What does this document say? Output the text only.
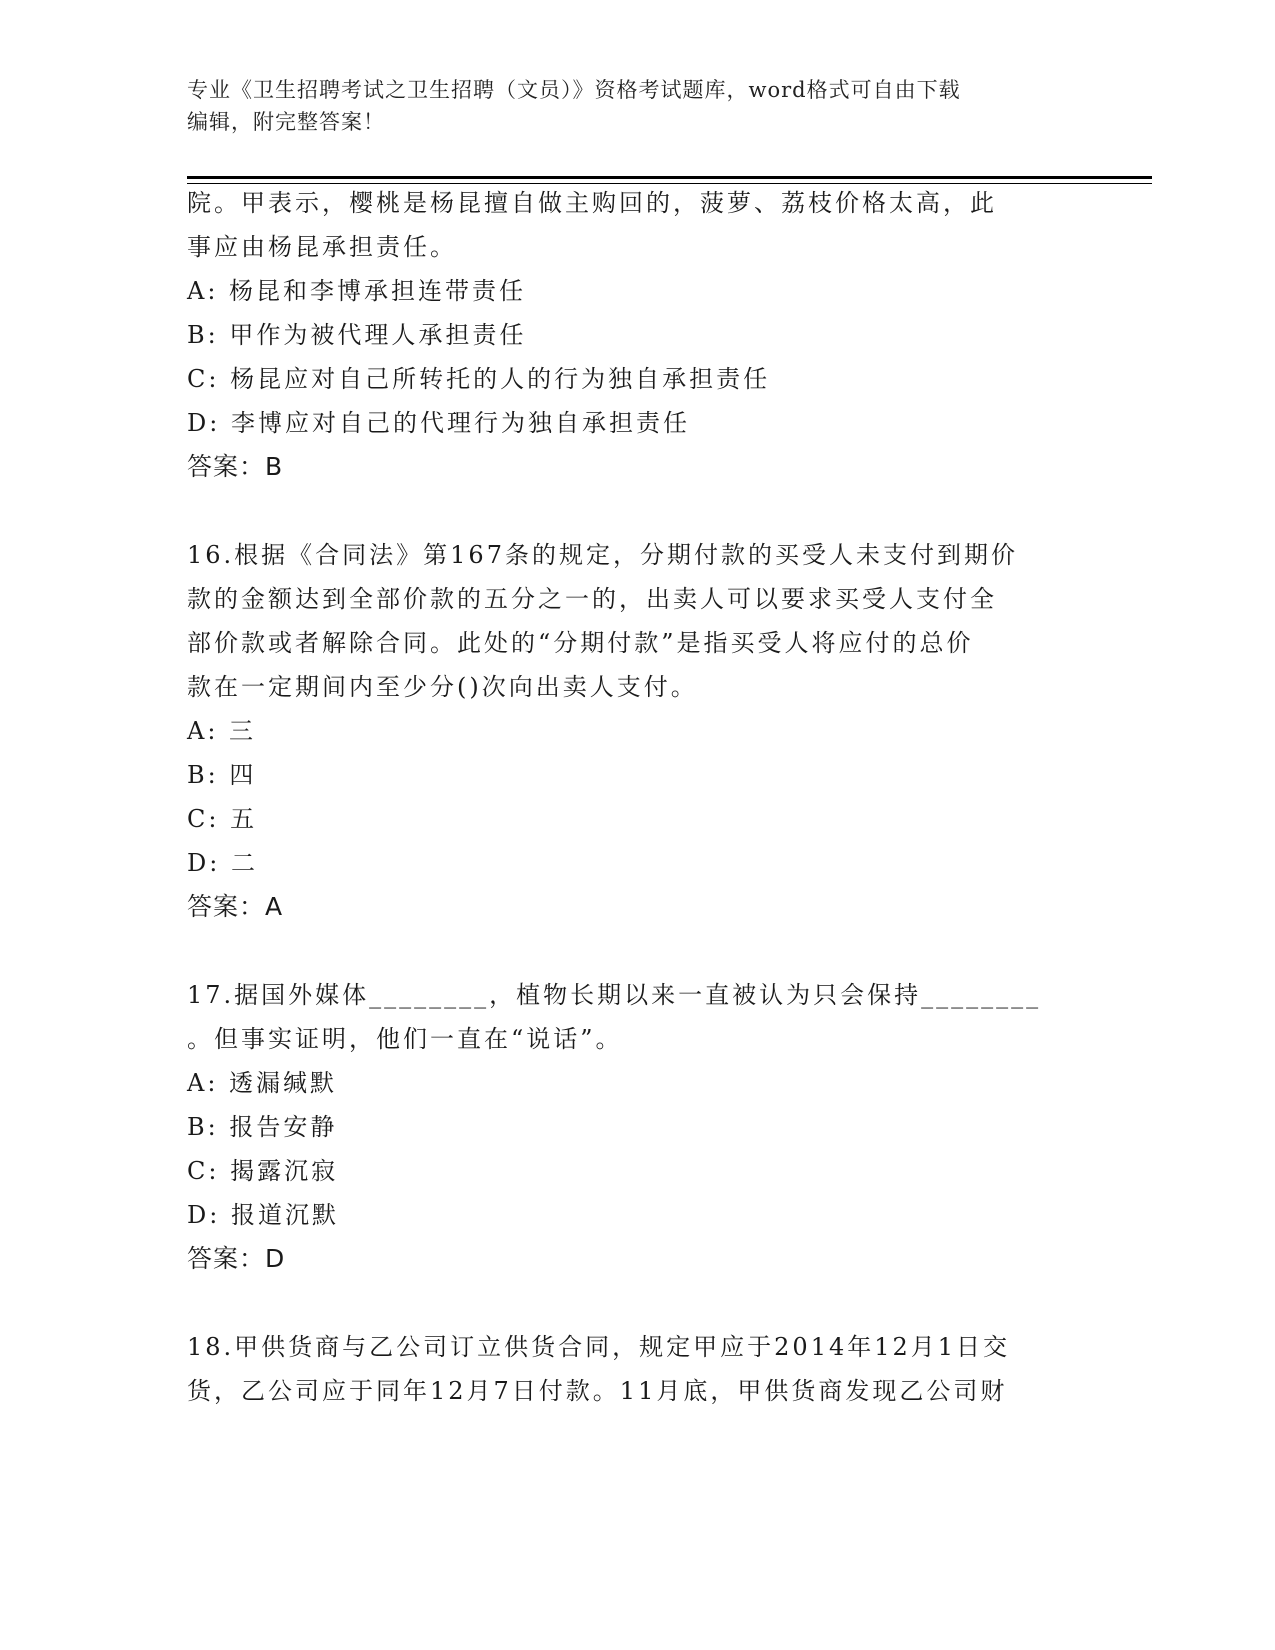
专业《卫生招聘考试之卫生招聘（文员）》资格考试题库，word格式可自由下载
编辑，附完整答案！
院。甲表示，樱桃是杨昆擅自做主购回的，菠萝、荔枝价格太高，此
事应由杨昆承担责任。
A: 杨昆和李博承担连带责任
B: 甲作为被代理人承担责任
C: 杨昆应对自己所转托的人的行为独自承担责任
D: 李博应对自己的代理行为独自承担责任
答案：B
16.根据《合同法》第167条的规定，分期付款的买受人未支付到期价
款的金额达到全部价款的五分之一的，出卖人可以要求买受人支付全
部价款或者解除合同。此处的“分期付款”是指买受人将应付的总价
款在一定期间内至少分()次向出卖人支付。
A: 三
B: 四
C: 五
D: 二
答案：A
17.据国外媒体________，植物长期以来一直被认为只会保持________
。但事实证明，他们一直在“说话”。
A: 透漏缄默
B: 报告安静
C: 揭露沉寂
D: 报道沉默
答案：D
18.甲供货商与乙公司订立供货合同，规定甲应于2014年12月1日交
货，乙公司应于同年12月7日付款。11月底，甲供货商发现乙公司财
